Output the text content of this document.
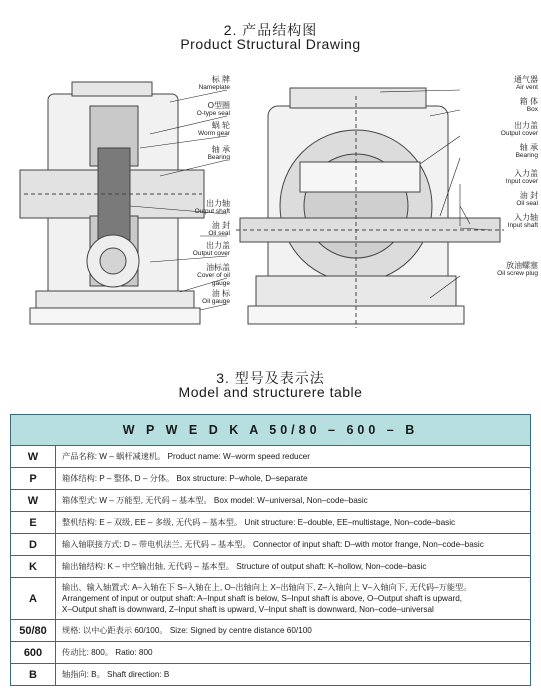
2. 产品结构图
Product Structural Drawing
标 牌
Nameplate
O型圈
O-type seal
蜗 轮
Worm gear
轴 承
Bearing
出力轴
Output shaft
油 封
Oil seal
出力盖
Output cover
油标盖
Cover of oil gauge
油 标
Oil gauge
通气器
Air vent
箱 体
Box
出力盖
Output cover
轴 承
Bearing
入力盖
Input cover
油 封
Oil seal
入力轴
Input shaft
放油螺塞
Oil screw plug
3. 型号及表示法
Model and structurere table
W P W E D K A 50/80 – 600 – B	
W	产品名称: W – 蜗杆减速机。 Product name: W–worm speed reducer
P	箱体结构: P – 整体, D – 分体。 Box structure: P–whole, D–separate
W	箱体型式: W – 万能型, 无代码 – 基本型。 Box model: W–universal, Non–code–basic
E	整机结构: E – 双级, EE – 多级, 无代码 – 基本型。 Unit structure: E–double, EE–multistage, Non–code–basic
D	输入轴联接方式: D – 带电机法兰, 无代码 – 基本型。 Connector of input shaft: D–with motor frange, Non–code–basic
K	输出轴结构: K – 中空输出轴, 无代码 – 基本型。 Structure of output shaft: K–hollow, Non–code–basic
A	输出、输入轴置式: A–入轴在下 S–入轴在上, O–出轴向上 X–出轴向下, Z–入轴向上 V–入轴向下, 无代码–万能型。
Arrangement of input or output shaft: A–Input shaft is below, S–Input shaft is above, O–Output shaft is upward,
X–Output shaft is downward, Z–Input shaft is upward, V–Input shaft is downward, Non–code–universal

50/80	规格: 以中心距表示 60/100。 Size: Signed by centre distance 60/100
600	传动比: 800。 Ratio: 800
B	轴指向: B。 Shaft direction: B
